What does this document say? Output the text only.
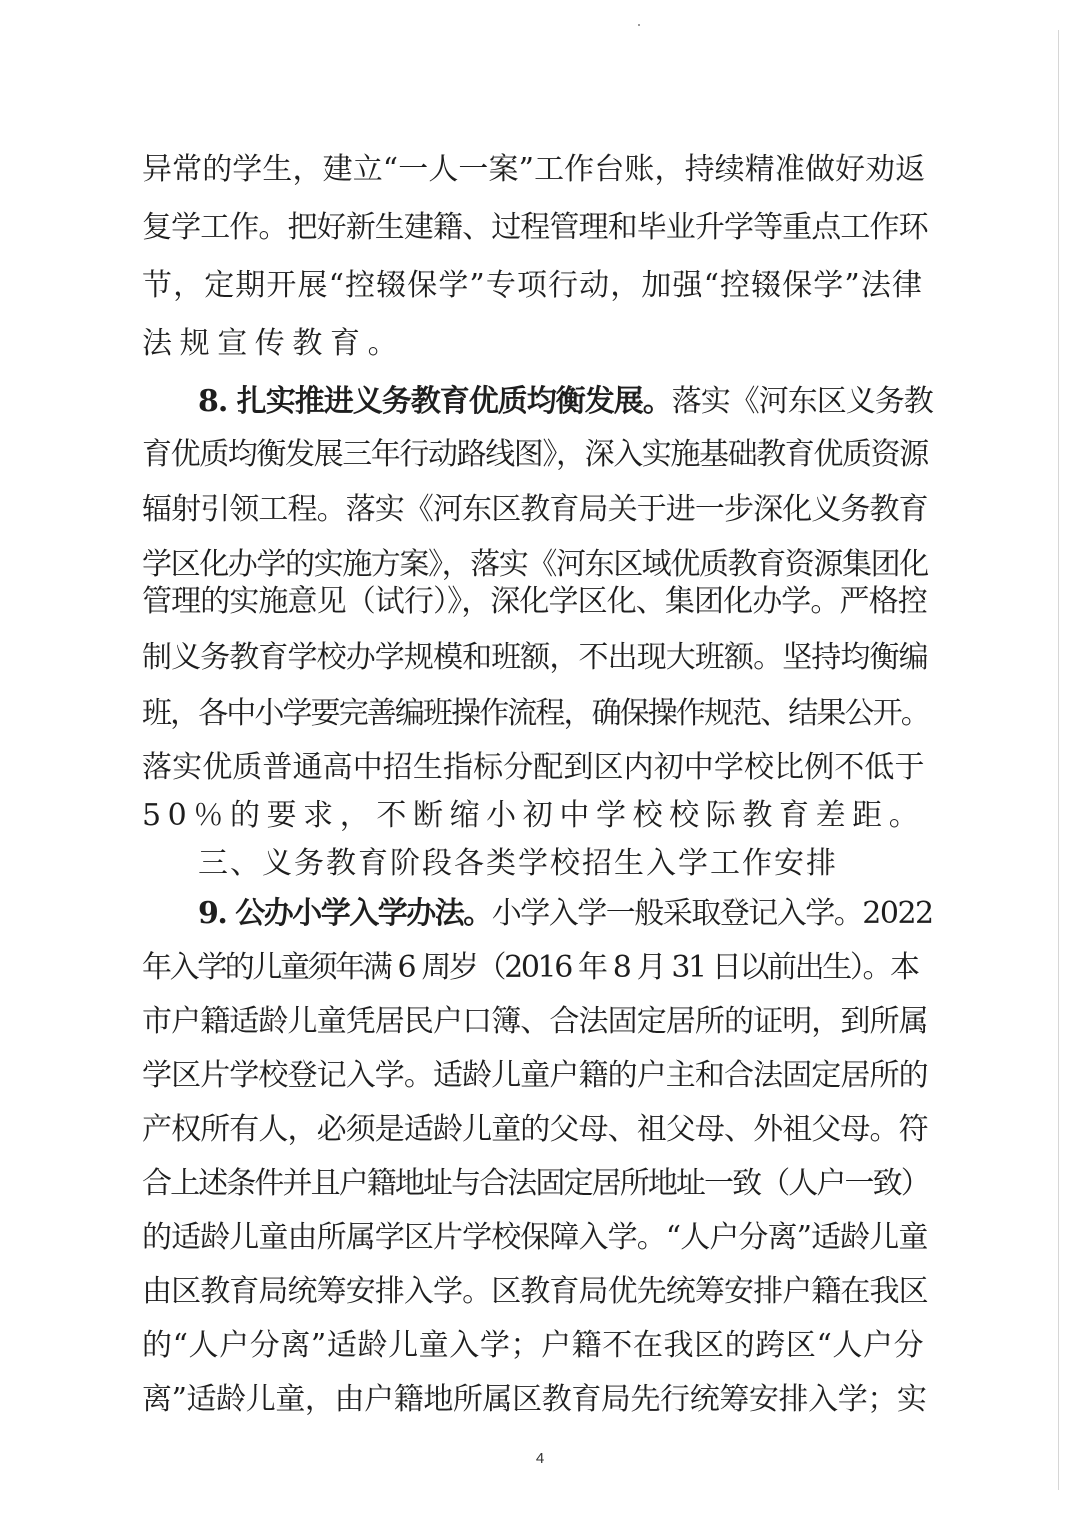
异常的学生，建立“一人一案”工作台账，持续精准做好劝返
复学工作。把好新生建籍、过程管理和毕业升学等重点工作环
节，定期开展“控辍保学”专项行动，加强“控辍保学”法律
法规宣传教育。
8. 扎实推进义务教育优质均衡发展。落实《河东区义务教
育优质均衡发展三年行动路线图》，深入实施基础教育优质资源
辐射引领工程。落实《河东区教育局关于进一步深化义务教育
学区化办学的实施方案》，落实《河东区域优质教育资源集团化
管理的实施意见（试行）》，深化学区化、集团化办学。严格控
制义务教育学校办学规模和班额，不出现大班额。坚持均衡编
班，各中小学要完善编班操作流程，确保操作规范、结果公开。
落实优质普通高中招生指标分配到区内初中学校比例不低于
50％的要求，不断缩小初中学校校际教育差距。
三、义务教育阶段各类学校招生入学工作安排
9. 公办小学入学办法。小学入学一般采取登记入学。2022
年入学的儿童须年满 6 周岁（2016 年 8 月 31 日以前出生）。本
市户籍适龄儿童凭居民户口簿、合法固定居所的证明，到所属
学区片学校登记入学。适龄儿童户籍的户主和合法固定居所的
产权所有人，必须是适龄儿童的父母、祖父母、外祖父母。符
合上述条件并且户籍地址与合法固定居所地址一致（人户一致）
的适龄儿童由所属学区片学校保障入学。“人户分离”适龄儿童
由区教育局统筹安排入学。区教育局优先统筹安排户籍在我区
的“人户分离”适龄儿童入学；户籍不在我区的跨区“人户分
离”适龄儿童，由户籍地所属区教育局先行统筹安排入学；实
4
